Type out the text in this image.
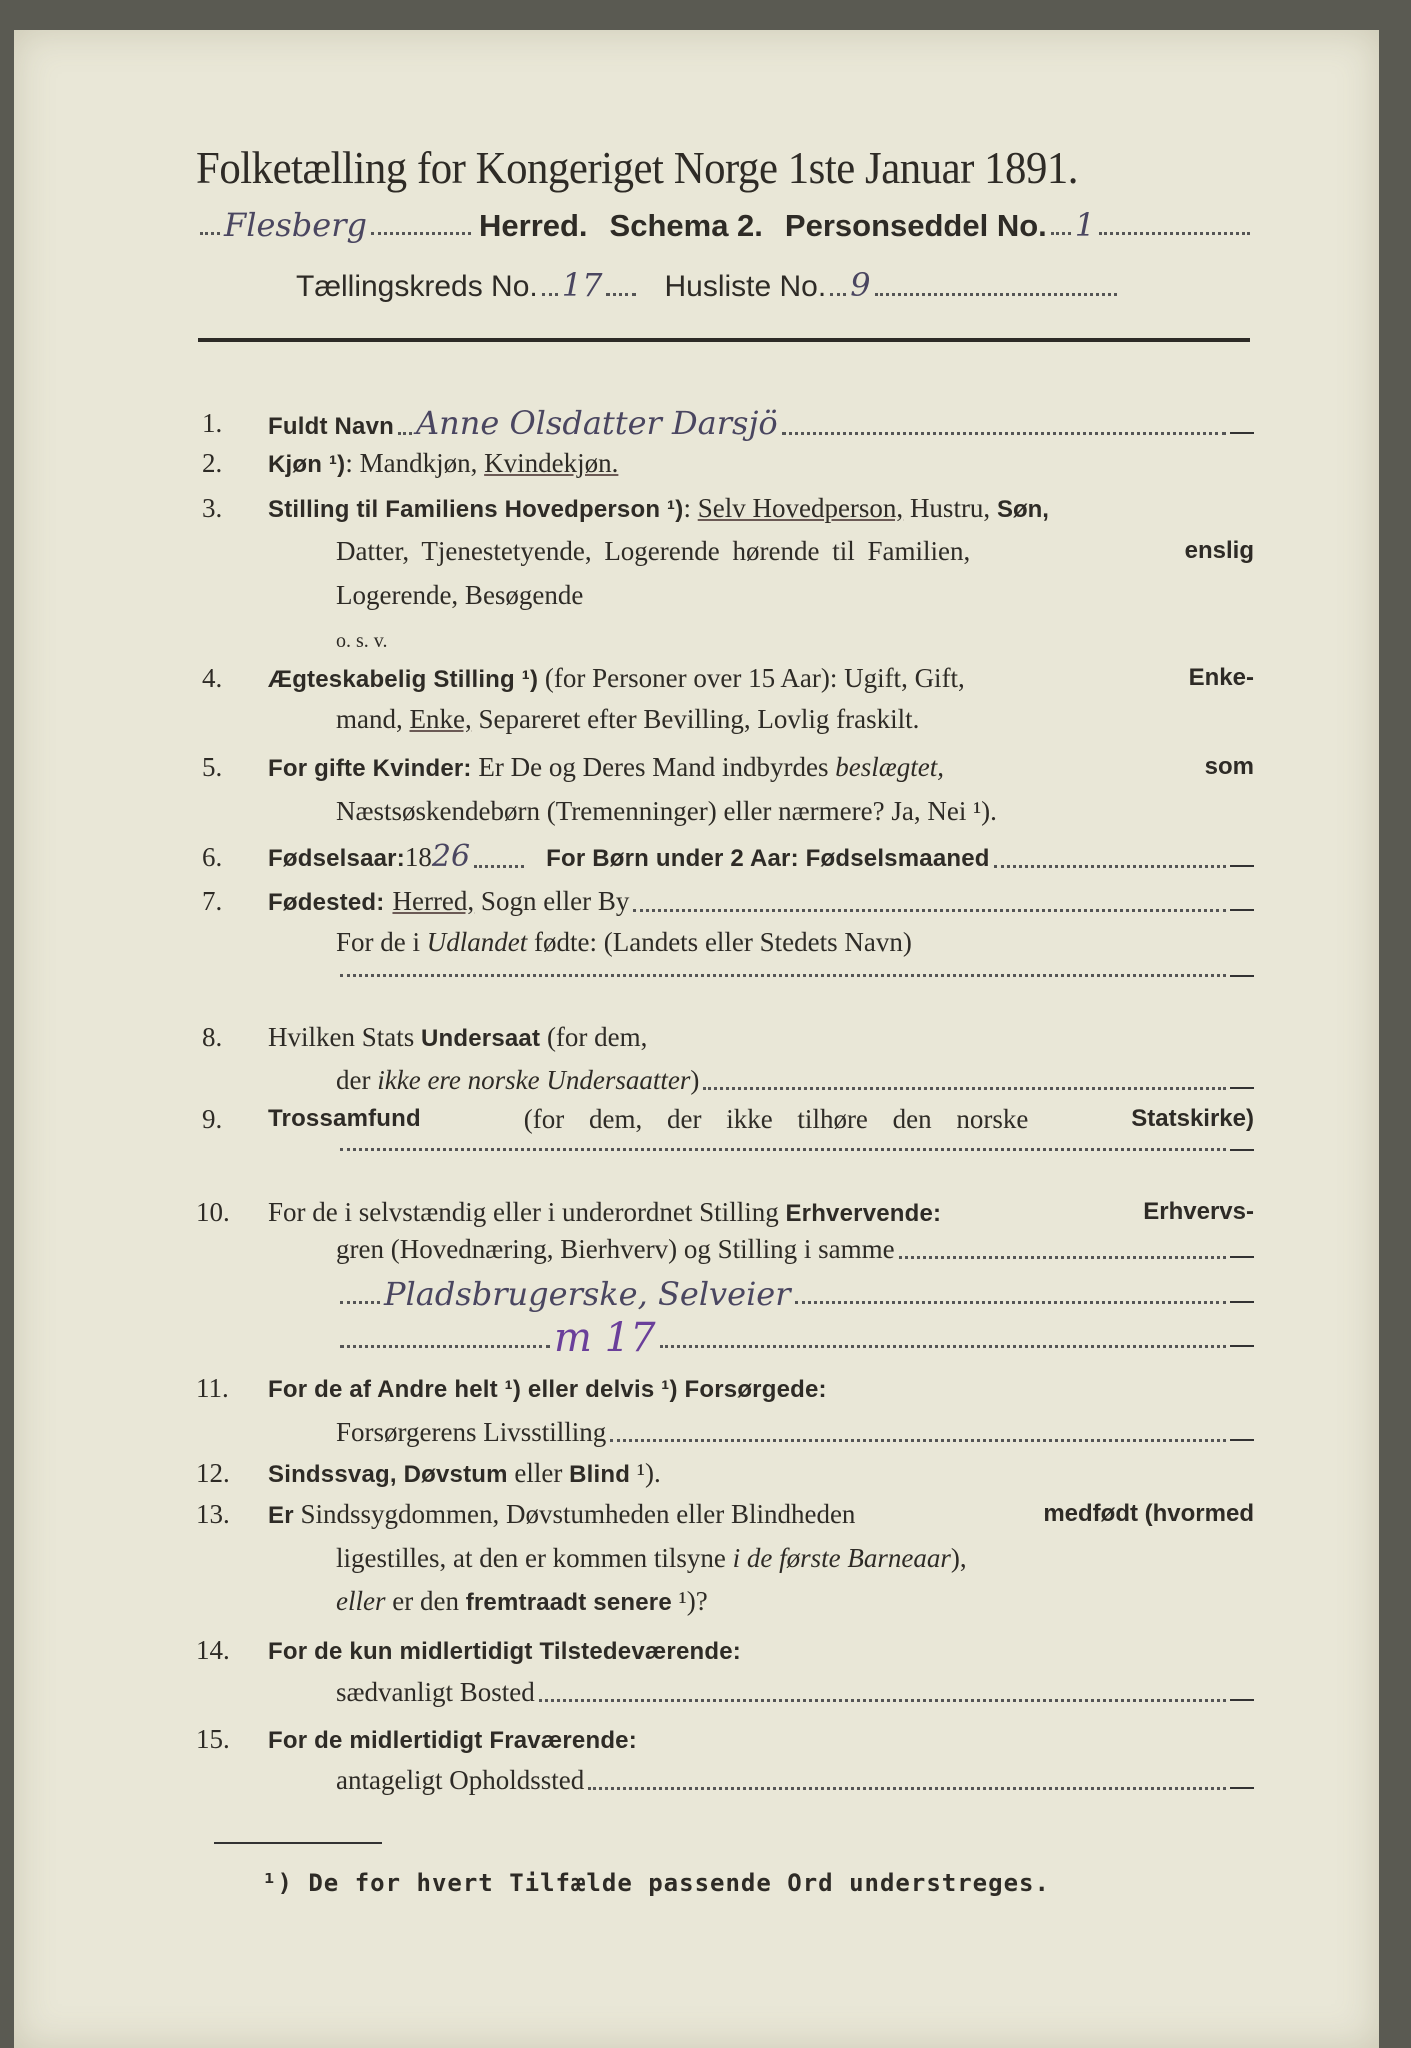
Folketælling for Kongeriget Norge 1ste Januar 1891.
Flesberg	Herred. Schema 2. Personseddel No. 1
Tællingskreds No. 17 Husliste No. 9
1.	Fuldt Navn Anne Olsdatter Darsjö
2.	Kjøn ¹): Mandkjøn, Kvindekjøn.
3.	Stilling til Familiens Hovedperson ¹): Selv Hovedperson, Hustru, Søn,
Datter, Tjenestetyende, Logerende hørende til Familien,	enslig
Logerende, Besøgende
o. s. v.
4.	Ægteskabelig Stilling ¹) (for Personer over 15 Aar): Ugift, Gift,	Enke-
mand, Enke, Separeret efter Bevilling, Lovlig fraskilt.
5.	For gifte Kvinder: Er De og Deres Mand indbyrdes beslægtet,	som
Næstsøskendebørn (Tremenninger) eller nærmere? Ja, Nei ¹).
6.	Fødselsaar: 18 26	For Børn under 2 Aar: Fødselsmaaned
7.	Fødested: Herred, Sogn eller By
For de i Udlandet fødte: (Landets eller Stedets Navn)
8.	Hvilken Stats Undersaat (for dem,
der ikke ere norske Undersaatter )
9.	Trossamfund	(for dem, der ikke tilhøre den norske	Statskirke)
10.	For de i selvstændig eller i underordnet Stilling Erhvervende:	Erhvervs-
gren (Hovednæring, Bierhverv) og Stilling i samme
Pladsbrugerske, Selveier
m 17
11.	For de af Andre helt ¹) eller delvis ¹) Forsørgede:
Forsørgerens Livsstilling
12.	Sindssvag, Døvstum eller Blind ¹).
13.	Er Sindssygdommen, Døvstumheden eller Blindheden	medfødt (hvormed
ligestilles, at den er kommen tilsyne i de første Barneaar),
eller er den fremtraadt senere ¹)?
14.	For de kun midlertidigt Tilstedeværende:
sædvanligt Bosted
15.	For de midlertidigt Fraværende:
antageligt Opholdssted
¹) De for hvert Tilfælde passende Ord understreges.
